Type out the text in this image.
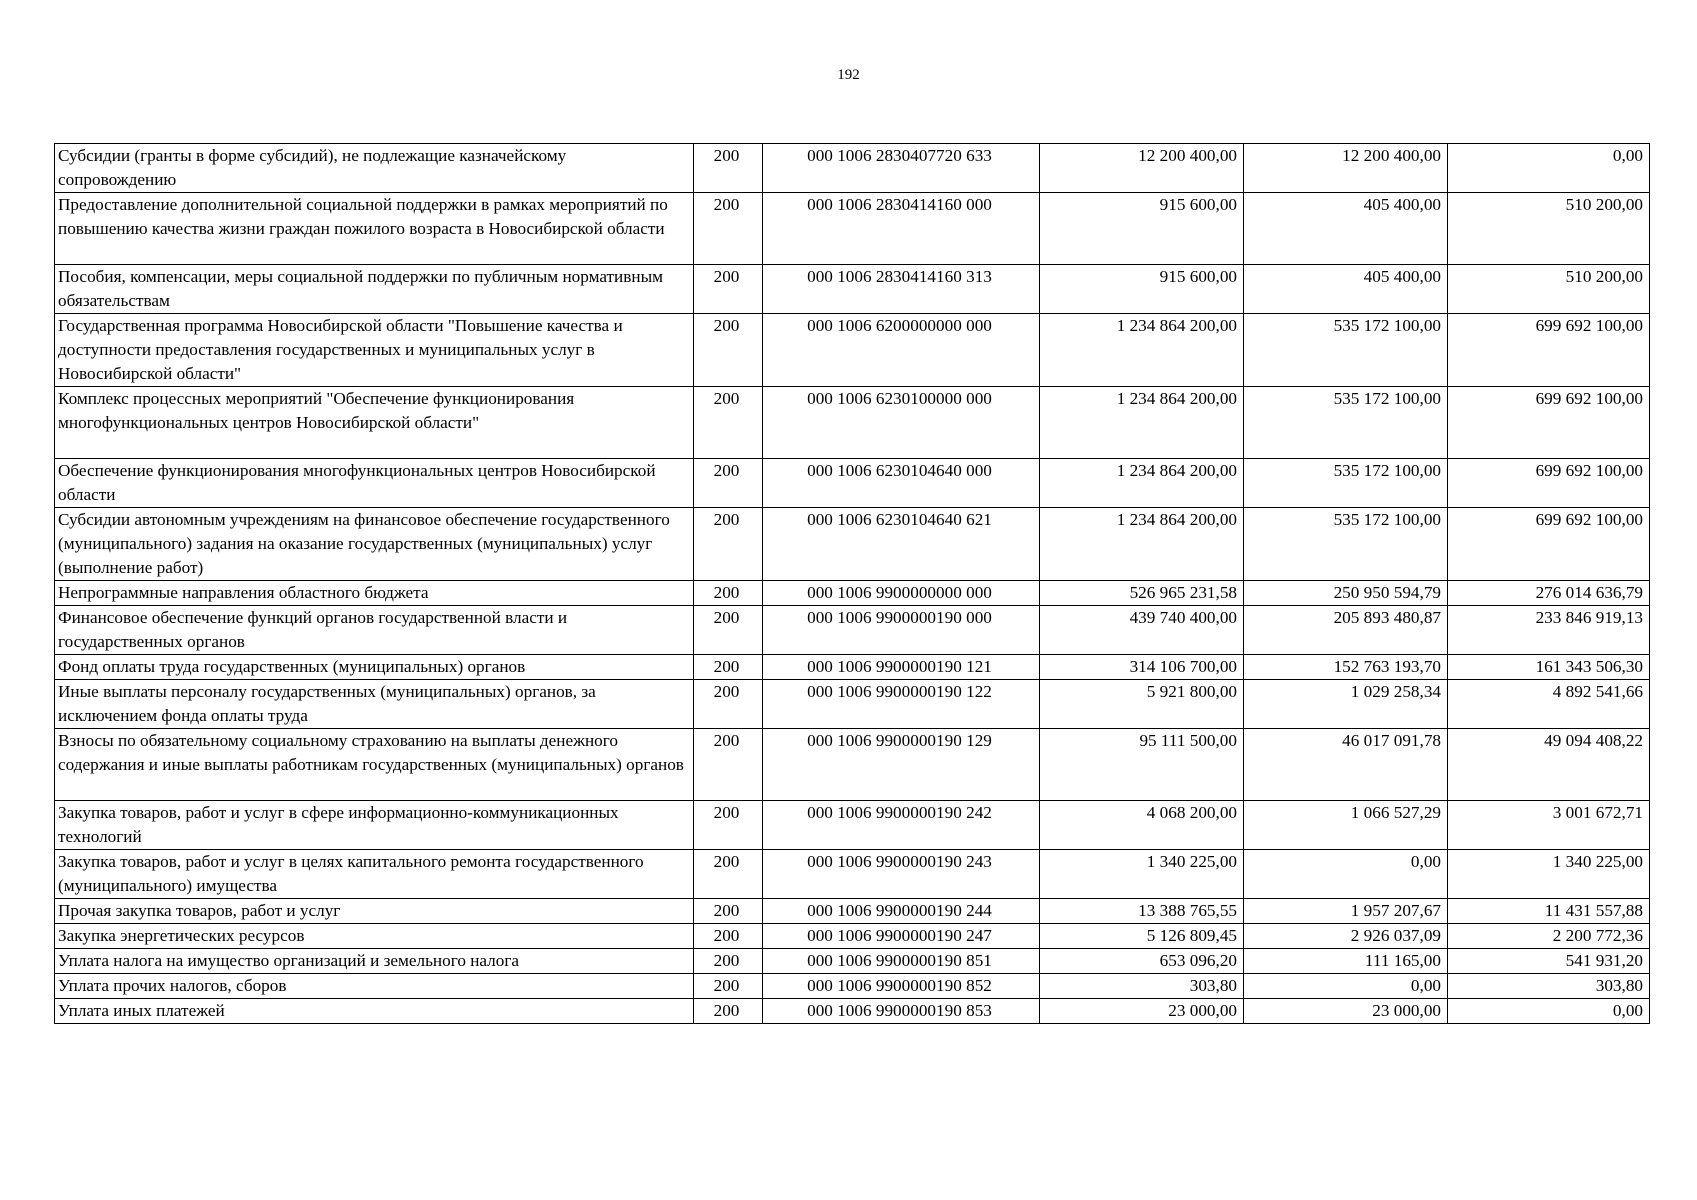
192
Субсидии (гранты в форме субсидий), не подлежащие казначейскому сопровождению	200	000 1006 2830407720 633	12 200 400,00	12 200 400,00	0,00
Предоставление дополнительной социальной поддержки в рамках мероприятий по повышению качества жизни граждан пожилого возраста в Новосибирской области	200	000 1006 2830414160 000	915 600,00	405 400,00	510 200,00
Пособия, компенсации, меры социальной поддержки по публичным нормативным обязательствам	200	000 1006 2830414160 313	915 600,00	405 400,00	510 200,00
Государственная программа Новосибирской области "Повышение качества и доступности предоставления государственных и муниципальных услуг в Новосибирской области"	200	000 1006 6200000000 000	1 234 864 200,00	535 172 100,00	699 692 100,00
Комплекс процессных мероприятий "Обеспечение функционирования многофункциональных центров Новосибирской области"	200	000 1006 6230100000 000	1 234 864 200,00	535 172 100,00	699 692 100,00
Обеспечение функционирования многофункциональных центров Новосибирской области	200	000 1006 6230104640 000	1 234 864 200,00	535 172 100,00	699 692 100,00
Субсидии автономным учреждениям на финансовое обеспечение государственного (муниципального) задания на оказание государственных (муниципальных) услуг (выполнение работ)	200	000 1006 6230104640 621	1 234 864 200,00	535 172 100,00	699 692 100,00
Непрограммные направления областного бюджета	200	000 1006 9900000000 000	526 965 231,58	250 950 594,79	276 014 636,79
Финансовое обеспечение функций органов государственной власти и государственных органов	200	000 1006 9900000190 000	439 740 400,00	205 893 480,87	233 846 919,13
Фонд оплаты труда государственных (муниципальных) органов	200	000 1006 9900000190 121	314 106 700,00	152 763 193,70	161 343 506,30
Иные выплаты персоналу государственных (муниципальных) органов, за исключением фонда оплаты труда	200	000 1006 9900000190 122	5 921 800,00	1 029 258,34	4 892 541,66
Взносы по обязательному социальному страхованию на выплаты денежного содержания и иные выплаты работникам государственных (муниципальных) органов	200	000 1006 9900000190 129	95 111 500,00	46 017 091,78	49 094 408,22
Закупка товаров, работ и услуг в сфере информационно-коммуникационных технологий	200	000 1006 9900000190 242	4 068 200,00	1 066 527,29	3 001 672,71
Закупка товаров, работ и услуг в целях капитального ремонта государственного (муниципального) имущества	200	000 1006 9900000190 243	1 340 225,00	0,00	1 340 225,00
Прочая закупка товаров, работ и услуг	200	000 1006 9900000190 244	13 388 765,55	1 957 207,67	11 431 557,88
Закупка энергетических ресурсов	200	000 1006 9900000190 247	5 126 809,45	2 926 037,09	2 200 772,36
Уплата налога на имущество организаций и земельного налога	200	000 1006 9900000190 851	653 096,20	111 165,00	541 931,20
Уплата прочих налогов, сборов	200	000 1006 9900000190 852	303,80	0,00	303,80
Уплата иных платежей	200	000 1006 9900000190 853	23 000,00	23 000,00	0,00
